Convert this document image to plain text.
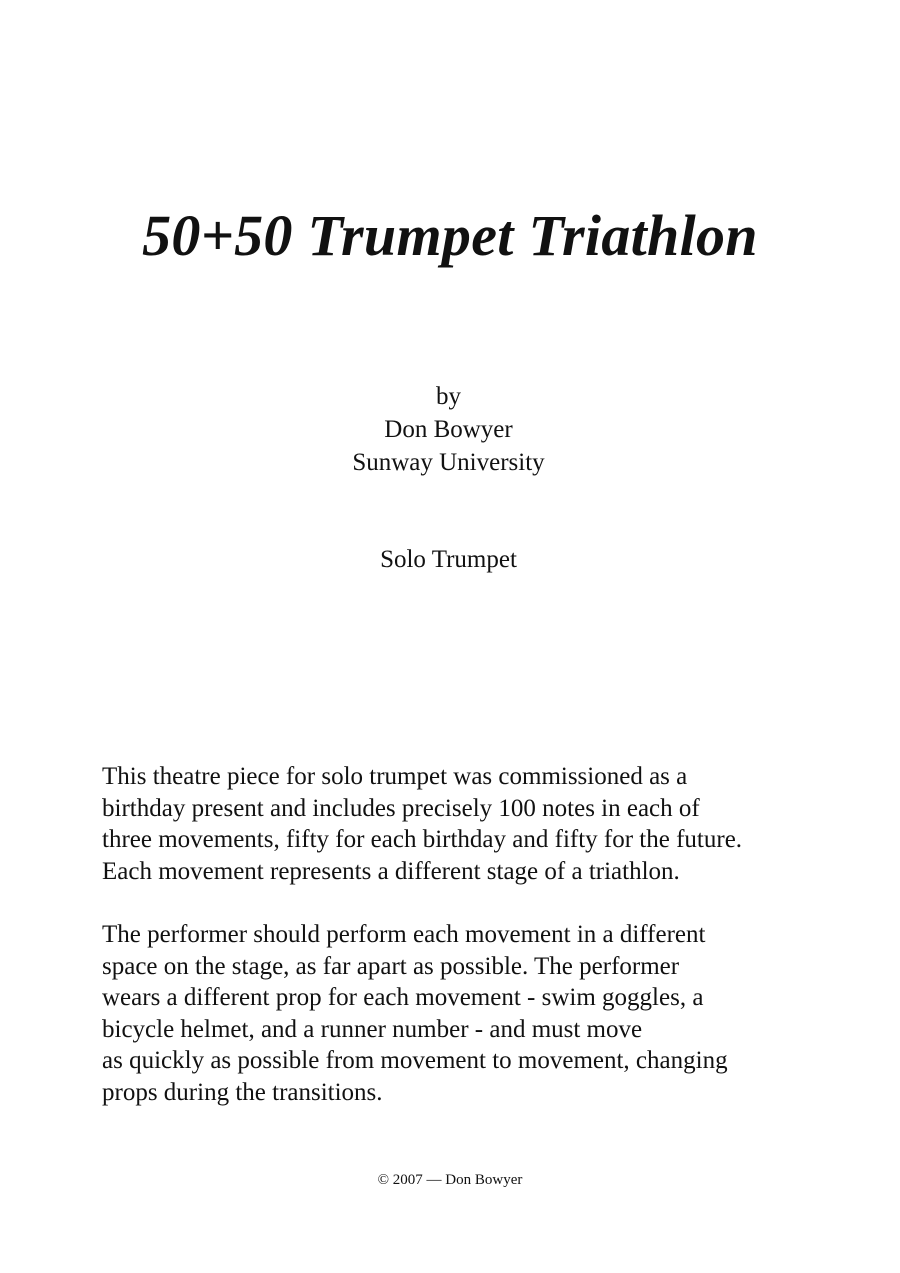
50+50 Trumpet Triathlon
by
Don Bowyer
Sunway University
Solo Trumpet

This theatre piece for solo trumpet was commissioned as a
birthday present and includes precisely 100 notes in each of
three movements, fifty for each birthday and fifty for the future.
Each movement represents a different stage of a triathlon.

The performer should perform each movement in a different
space on the stage, as far apart as possible. The performer
wears a different prop for each movement - swim goggles, a
bicycle helmet, and a runner number - and must move
as quickly as possible from movement to movement, changing
props during the transitions.

© 2007 — Don Bowyer
